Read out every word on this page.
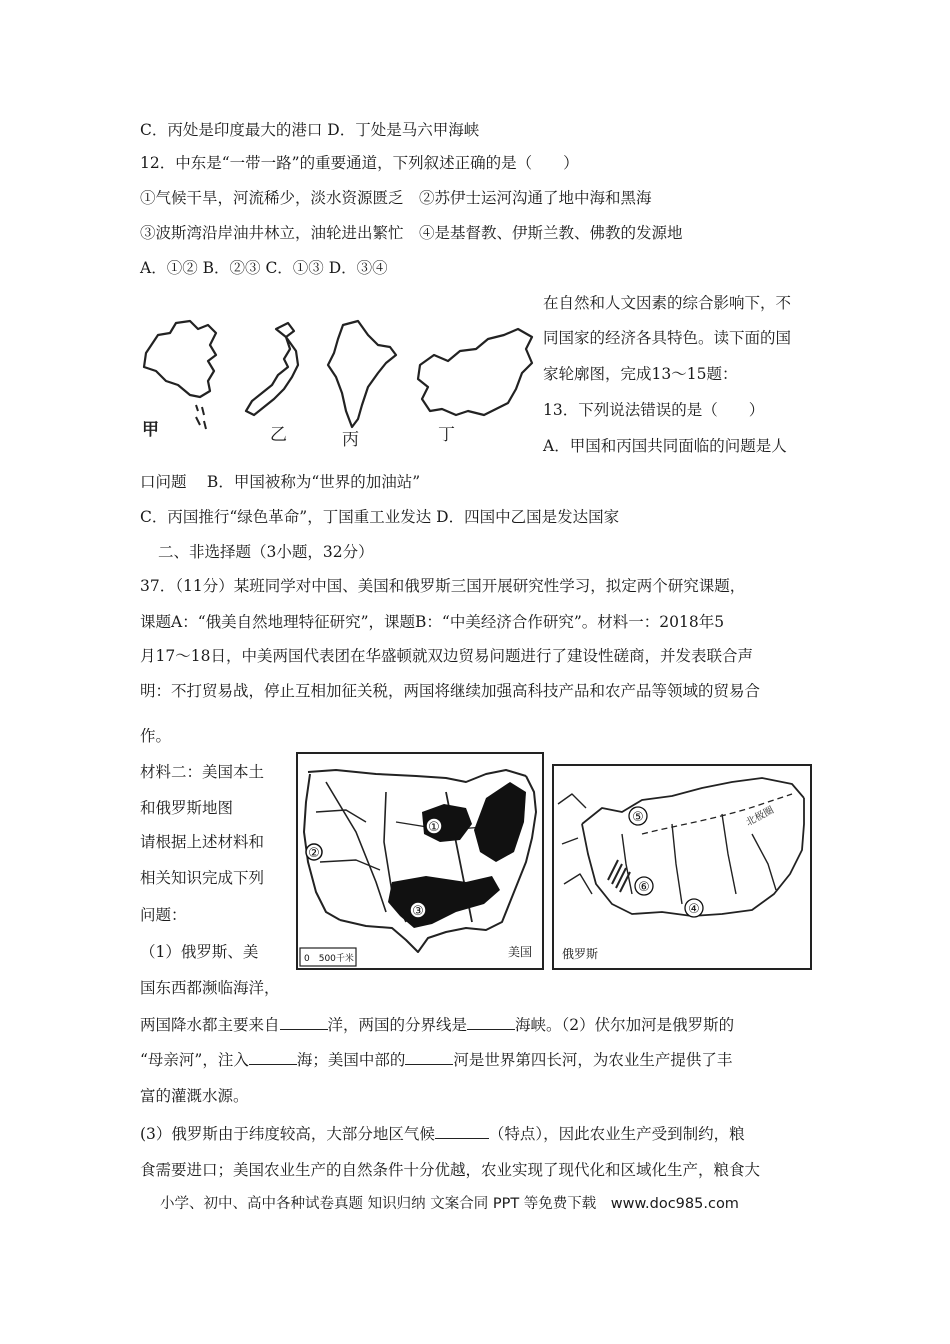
C．丙处是印度最大的港口 D．丁处是马六甲海峡
12．中东是“一带一路”的重要通道，下列叙述正确的是（　　）
①气候干旱，河流稀少，淡水资源匮乏　②苏伊士运河沟通了地中海和黑海
③波斯湾沿岸油井林立，油轮进出繁忙　④是基督教、伊斯兰教、佛教的发源地
A．①② B．②③ C．①③ D．③④
在自然和人文因素的综合影响下，不
同国家的经济各具特色。读下面的国
家轮廓图，完成13～15题：
13．下列说法错误的是（　　）
A．甲国和丙国共同面临的问题是人
甲	乙	丙	丁
口问题　 B．甲国被称为“世界的加油站”
C．丙国推行“绿色革命”，丁国重工业发达 D．四国中乙国是发达国家
二、非选择题（3小题，32分）
37．（11分）某班同学对中国、美国和俄罗斯三国开展研究性学习，拟定两个研究课题，
课题A：“俄美自然地理特征研究”，课题B：“中美经济合作研究”。材料一：2018年5
月17～18日，中美两国代表团在华盛顿就双边贸易问题进行了建设性磋商，并发表联合声
明：不打贸易战，停止互相加征关税，两国将继续加强高科技产品和农产品等领域的贸易合
作。
材料二：美国本土
和俄罗斯地图
请根据上述材料和
相关知识完成下列
问题：
（1）俄罗斯、美
国东西都濒临海洋，
①
②
③
0　500千米	美国
北极圈
⑤
⑥
④
俄罗斯
两国降水都主要来自	洋，两国的分界线是	海峡。（2）伏尔加河是俄罗斯的
“母亲河”，注入	海；美国中部的	河是世界第四长河，为农业生产提供了丰
富的灌溉水源。
(3）俄罗斯由于纬度较高，大部分地区气候	（特点），因此农业生产受到制约，粮
食需要进口；美国农业生产的自然条件十分优越，农业实现了现代化和区域化生产，粮食大
小学、初中、高中各种试卷真题 知识归纳 文案合同 PPT 等免费下载　www.doc985.com
